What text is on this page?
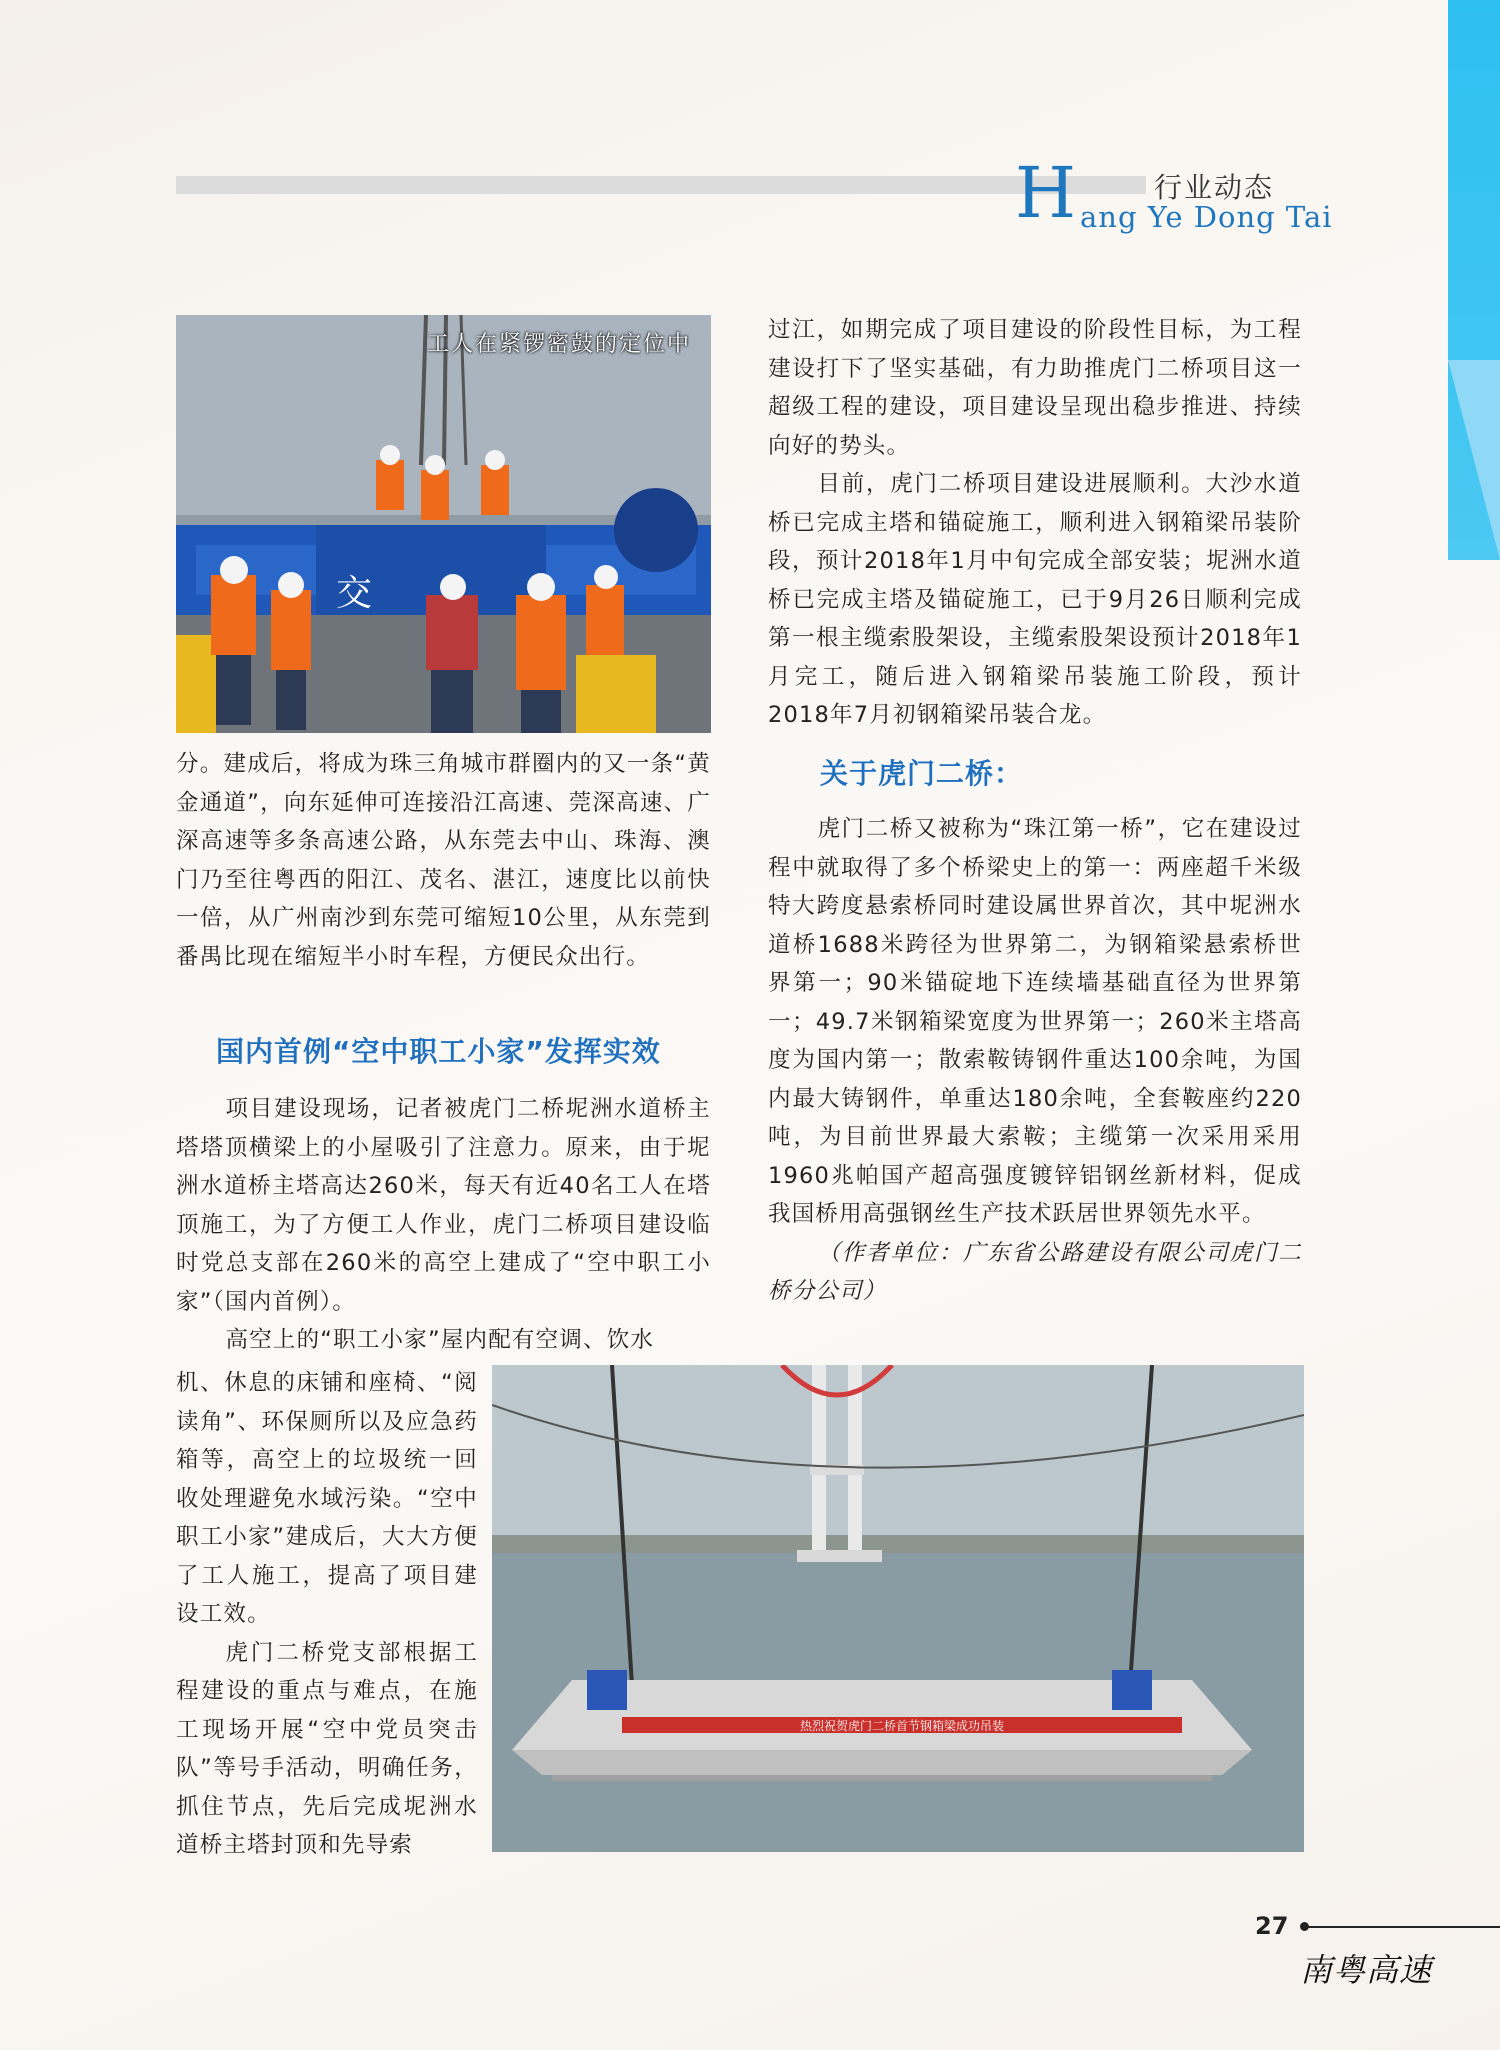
H	行业动态
ang Ye Dong Tai
交
工人在紧锣密鼓的定位中

过江，如期完成了项目建设的阶段性目标，为工程建设打下了坚实基础，有力助推虎门二桥项目这一超级工程的建设，项目建设呈现出稳步推进、持续向好的势头。

目前，虎门二桥项目建设进展顺利。大沙水道桥已完成主塔和锚碇施工，顺利进入钢箱梁吊装阶段，预计2018年1月中旬完成全部安装；坭洲水道桥已完成主塔及锚碇施工，已于9月26日顺利完成第一根主缆索股架设，主缆索股架设预计2018年1月完工，随后进入钢箱梁吊装施工阶段，预计2018年7月初钢箱梁吊装合龙。

关于虎门二桥：

虎门二桥又被称为“珠江第一桥”，它在建设过程中就取得了多个桥梁史上的第一：两座超千米级特大跨度悬索桥同时建设属世界首次，其中坭洲水道桥1688米跨径为世界第二，为钢箱梁悬索桥世界第一；90米锚碇地下连续墙基础直径为世界第一；49.7米钢箱梁宽度为世界第一；260米主塔高度为国内第一；散索鞍铸钢件重达100余吨，为国内最大铸钢件，单重达180余吨，全套鞍座约220吨，为目前世界最大索鞍；主缆第一次采用采用1960兆帕国产超高强度镀锌铝钢丝新材料，促成我国桥用高强钢丝生产技术跃居世界领先水平。

（作者单位：广东省公路建设有限公司虎门二桥分公司）

分。建成后，将成为珠三角城市群圈内的又一条“黄金通道”，向东延伸可连接沿江高速、莞深高速、广深高速等多条高速公路，从东莞去中山、珠海、澳门乃至往粤西的阳江、茂名、湛江，速度比以前快一倍，从广州南沙到东莞可缩短10公里，从东莞到番禺比现在缩短半小时车程，方便民众出行。

国内首例“空中职工小家”发挥实效

项目建设现场，记者被虎门二桥坭洲水道桥主塔塔顶横梁上的小屋吸引了注意力。原来，由于坭洲水道桥主塔高达260米，每天有近40名工人在塔顶施工，为了方便工人作业，虎门二桥项目建设临时党总支部在260米的高空上建成了“空中职工小家”（国内首例）。

高空上的“职工小家”屋内配有空调、饮水

机、休息的床铺和座椅、“阅读角”、环保厕所以及应急药箱等，高空上的垃圾统一回收处理避免水域污染。“空中职工小家”建成后，大大方便了工人施工，提高了项目建设工效。

虎门二桥党支部根据工程建设的重点与难点，在施工现场开展“空中党员突击队”等号手活动，明确任务，抓住节点，先后完成坭洲水道桥主塔封顶和先导索

热烈祝贺虎门二桥首节钢箱梁成功吊装
27
南粤高速
